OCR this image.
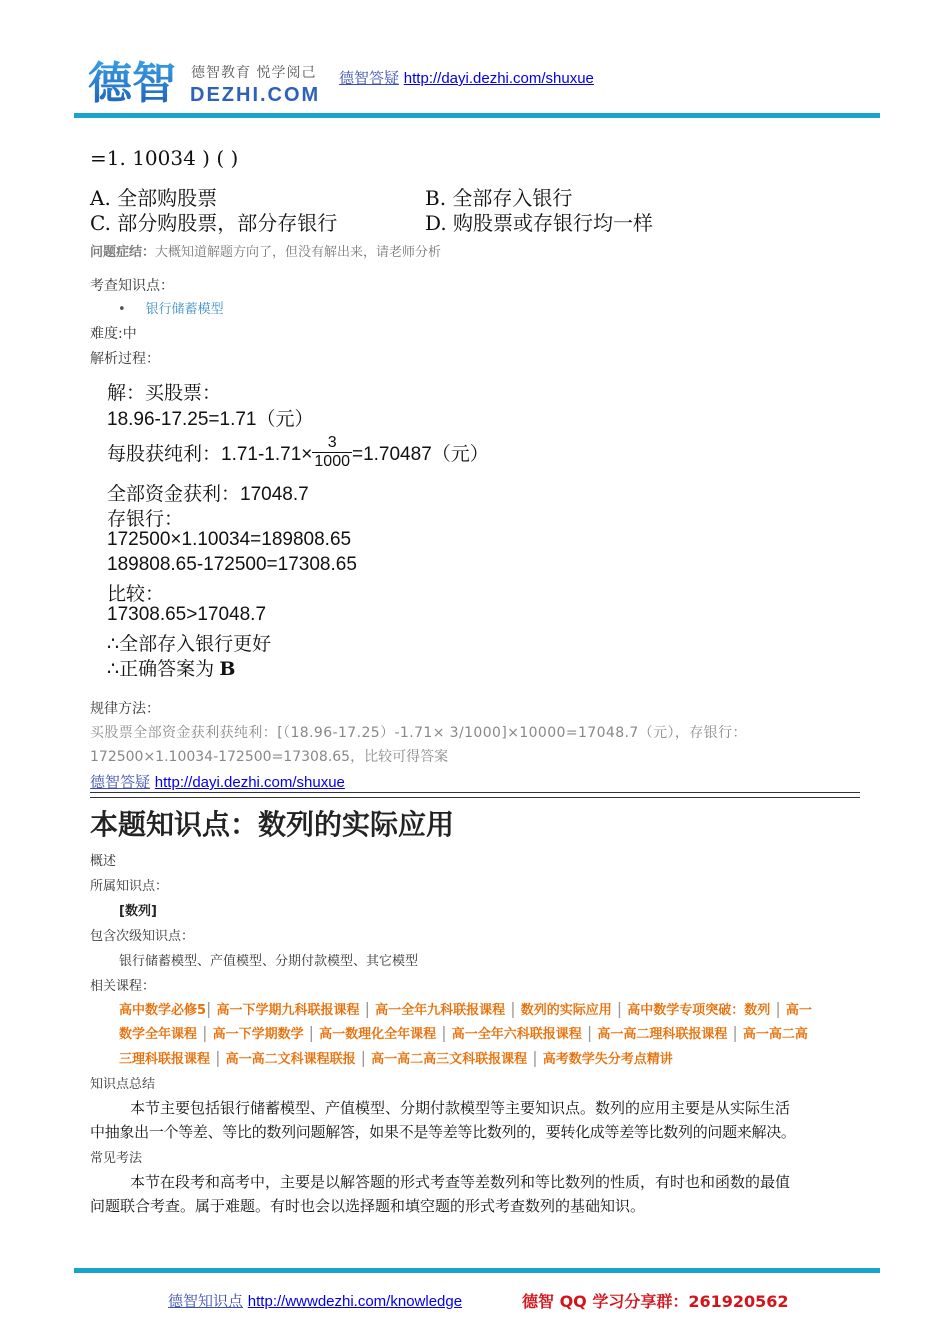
德智 德智教育 悦学阅己
DEZHI.COM
德智答疑 http://dayi.dezhi.com/shuxue
=1. 10034 ) ( )
A. 全部购股票	B. 全部存入银行
C. 部分购股票，部分存银行	D. 购股票或存银行均一样
问题症结：大概知道解题方向了，但没有解出来，请老师分析
考查知识点：
• 银行储蓄模型
难度:中
解析过程：
解：买股票：
18.96-17.25=1.71（元）
每股获纯利：$1.71-1.71\times \frac{3}{1000} =1.70487$（元）
全部资金获利：17048.7
存银行：
172500×1.10034=189808.65
189808.65-172500=17308.65
比较：
17308.65>17048.7
∴全部存入银行更好
∴正确答案为 B
规律方法：
买股票全部资金获利获纯利：[（18.96-17.25）-1.71× 3/1000]×10000=17048.7（元），存银行：
172500×1.10034-172500=17308.65，比较可得答案
德智答疑 http://dayi.dezhi.com/shuxue
本题知识点：数列的实际应用
概述
所属知识点：
[数列]
包含次级知识点：
银行储蓄模型、产值模型、分期付款模型、其它模型
相关课程：
高中数学必修5| 高一下学期九科联报课程 | 高一全年九科联报课程 | 数列的实际应用 | 高中数学专项突破：数列 | 高一
数学全年课程 | 高一下学期数学 | 高一数理化全年课程 | 高一全年六科联报课程 | 高一高二理科联报课程 | 高一高二高
三理科联报课程 | 高一高二文科课程联报 | 高一高二高三文科联报课程 | 高考数学失分考点精讲
知识点总结
本节主要包括银行储蓄模型、产值模型、分期付款模型等主要知识点。数列的应用主要是从实际生活
中抽象出一个等差、等比的数列问题解答，如果不是等差等比数列的，要转化成等差等比数列的问题来解决。
常见考法
本节在段考和高考中，主要是以解答题的形式考查等差数列和等比数列的性质，有时也和函数的最值
问题联合考查。属于难题。有时也会以选择题和填空题的形式考查数列的基础知识。
德智知识点 http://wwwdezhi.com/knowledge	德智 QQ 学习分享群：261920562
